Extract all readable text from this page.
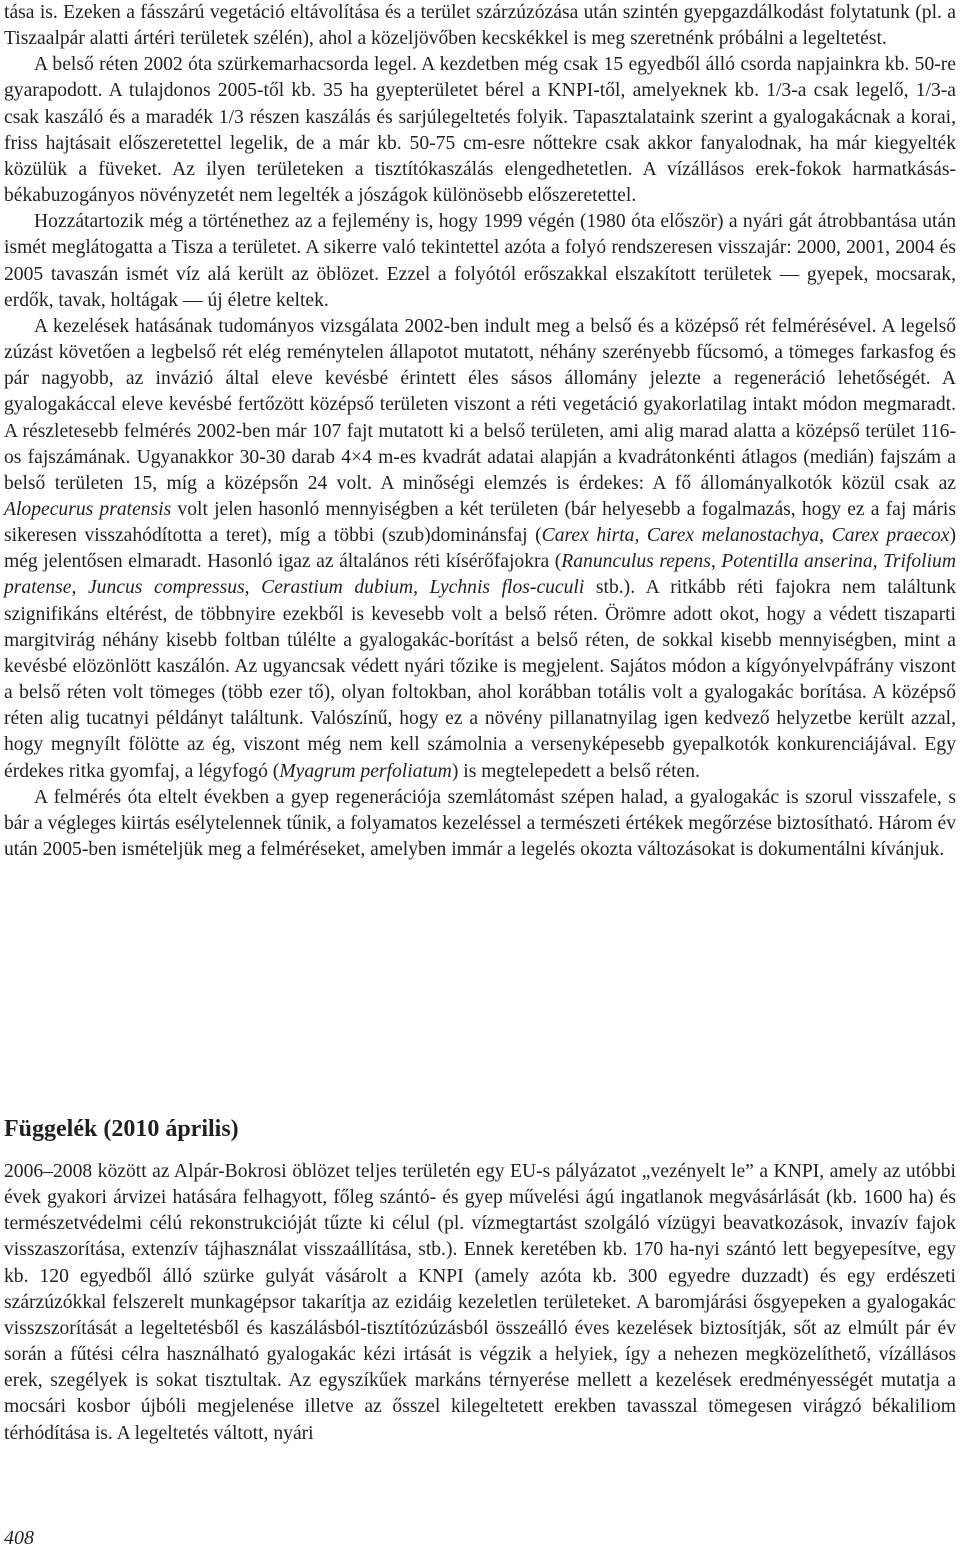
tása is. Ezeken a fásszárú vegetáció eltávolítása és a terület szárzúzózása után szintén gyepgazdálkodást folytatunk (pl. a Tiszaalpár alatti ártéri területek szélén), ahol a közeljövőben kecskékkel is meg szeretnénk próbálni a legeltetést.

A belső réten 2002 óta szürkemarhacsorda legel. A kezdetben még csak 15 egyedből álló csorda napjainkra kb. 50-re gyarapodott. A tulajdonos 2005-től kb. 35 ha gyepterületet bérel a KNPI-től, amelyeknek kb. 1/3-a csak legelő, 1/3-a csak kaszáló és a maradék 1/3 részen kaszálás és sarjúlegeltetés folyik. Tapasztalataink szerint a gyalogakácnak a korai, friss hajtásait előszeretettel legelik, de a már kb. 50-75 cm-esre nőttekre csak akkor fanyalodnak, ha már kiegyelték közülük a füveket. Az ilyen területeken a tisztítókaszálás elengedhetetlen. A vízállásos erek-fokok harmatkásás-békabuzogányos növényzetét nem legelték a jószágok különösebb előszeretettel.

Hozzátartozik még a történethez az a fejlemény is, hogy 1999 végén (1980 óta először) a nyári gát átrobbantása után ismét meglátogatta a Tisza a területet. A sikerre való tekintettel azóta a folyó rendszeresen visszajár: 2000, 2001, 2004 és 2005 tavaszán ismét víz alá került az öblözet. Ezzel a folyótól erőszakkal elszakított területek — gyepek, mocsarak, erdők, tavak, holtágak — új életre keltek.

A kezelések hatásának tudományos vizsgálata 2002-ben indult meg a belső és a középső rét felmérésével. A legelső zúzást követően a legbelső rét elég reménytelen állapotot mutatott, néhány szerényebb fűcsomó, a tömeges farkasfog és pár nagyobb, az invázió által eleve kevésbé érintett éles sásos állomány jelezte a regeneráció lehetőségét. A gyalogakáccal eleve kevésbé fertőzött középső területen viszont a réti vegetáció gyakorlatilag intakt módon megmaradt. A részletesebb felmérés 2002-ben már 107 fajt mutatott ki a belső területen, ami alig marad alatta a középső terület 116-os fajszámának. Ugyanakkor 30-30 darab 4×4 m-es kvadrát adatai alapján a kvadrátonkénti átlagos (medián) fajszám a belső területen 15, míg a középsőn 24 volt. A minőségi elemzés is érdekes: A fő állományalkotók közül csak az Alopecurus pratensis volt jelen hasonló mennyiségben a két területen (bár helyesebb a fogalmazás, hogy ez a faj máris sikeresen visszahódította a teret), míg a többi (szub)dominánsfaj (Carex hirta, Carex melanostachya, Carex praecox) még jelentősen elmaradt. Hasonló igaz az általános réti kísérőfajokra (Ranunculus repens, Potentilla anserina, Trifolium pratense, Juncus compressus, Cerastium dubium, Lychnis flos-cuculi stb.). A ritkább réti fajokra nem találtunk szignifikáns eltérést, de többnyire ezekből is kevesebb volt a belső réten. Örömre adott okot, hogy a védett tiszaparti margitvirág néhány kisebb foltban túlélte a gyalogakác-borítást a belső réten, de sokkal kisebb mennyiségben, mint a kevésbé elözönlött kaszálón. Az ugyancsak védett nyári tőzike is megjelent. Sajátos módon a kígyónyelvpáfrány viszont a belső réten volt tömeges (több ezer tő), olyan foltokban, ahol korábban totális volt a gyalogakác borítása. A középső réten alig tucatnyi példányt találtunk. Valószínű, hogy ez a növény pillanatnyilag igen kedvező helyzetbe került azzal, hogy megnyílt fölötte az ég, viszont még nem kell számolnia a versenyképesebb gyepalkotók konkurenciájával. Egy érdekes ritka gyomfaj, a légyfogó (Myagrum perfoliatum) is megtelepedett a belső réten.

A felmérés óta eltelt években a gyep regenerációja szemlátomást szépen halad, a gyalogakác is szorul visszafele, s bár a végleges kiirtás esélytelennek tűnik, a folyamatos kezeléssel a természeti értékek megőrzése biztosítható. Három év után 2005-ben ismételjük meg a felméréseket, amelyben immár a legelés okozta változásokat is dokumentálni kívánjuk.

Függelék (2010 április)

2006–2008 között az Alpár-Bokrosi öblözet teljes területén egy EU-s pályázatot „vezényelt le” a KNPI, amely az utóbbi évek gyakori árvizei hatására felhagyott, főleg szántó- és gyep művelési ágú ingatlanok megvásárlását (kb. 1600 ha) és természetvédelmi célú rekonstrukcióját tűzte ki célul (pl. vízmegtartást szolgáló vízügyi beavatkozások, invazív fajok visszaszorítása, extenzív tájhasználat visszaállítása, stb.). Ennek keretében kb. 170 ha-nyi szántó lett begyepesítve, egy kb. 120 egyedből álló szürke gulyát vásárolt a KNPI (amely azóta kb. 300 egyedre duzzadt) és egy erdészeti szárzúzókkal felszerelt munkagépsor takarítja az ezidáig kezeletlen területeket. A baromjárási ősgyepeken a gyalogakác visszszorítását a legeltetésből és kaszálásból-tisztítózúzásból összeálló éves kezelések biztosítják, sőt az elmúlt pár év során a fűtési célra használható gyalogakác kézi irtását is végzik a helyiek, így a nehezen megközelíthető, vízállásos erek, szegélyek is sokat tisztultak. Az egyszíkűek markáns térnyerése mellett a kezelések eredményességét mutatja a mocsári kosbor újbóli megjelenése illetve az ősszel kilegeltetett erekben tavasszal tömegesen virágzó békaliliom térhódítása is. A legeltetés váltott, nyári

408
